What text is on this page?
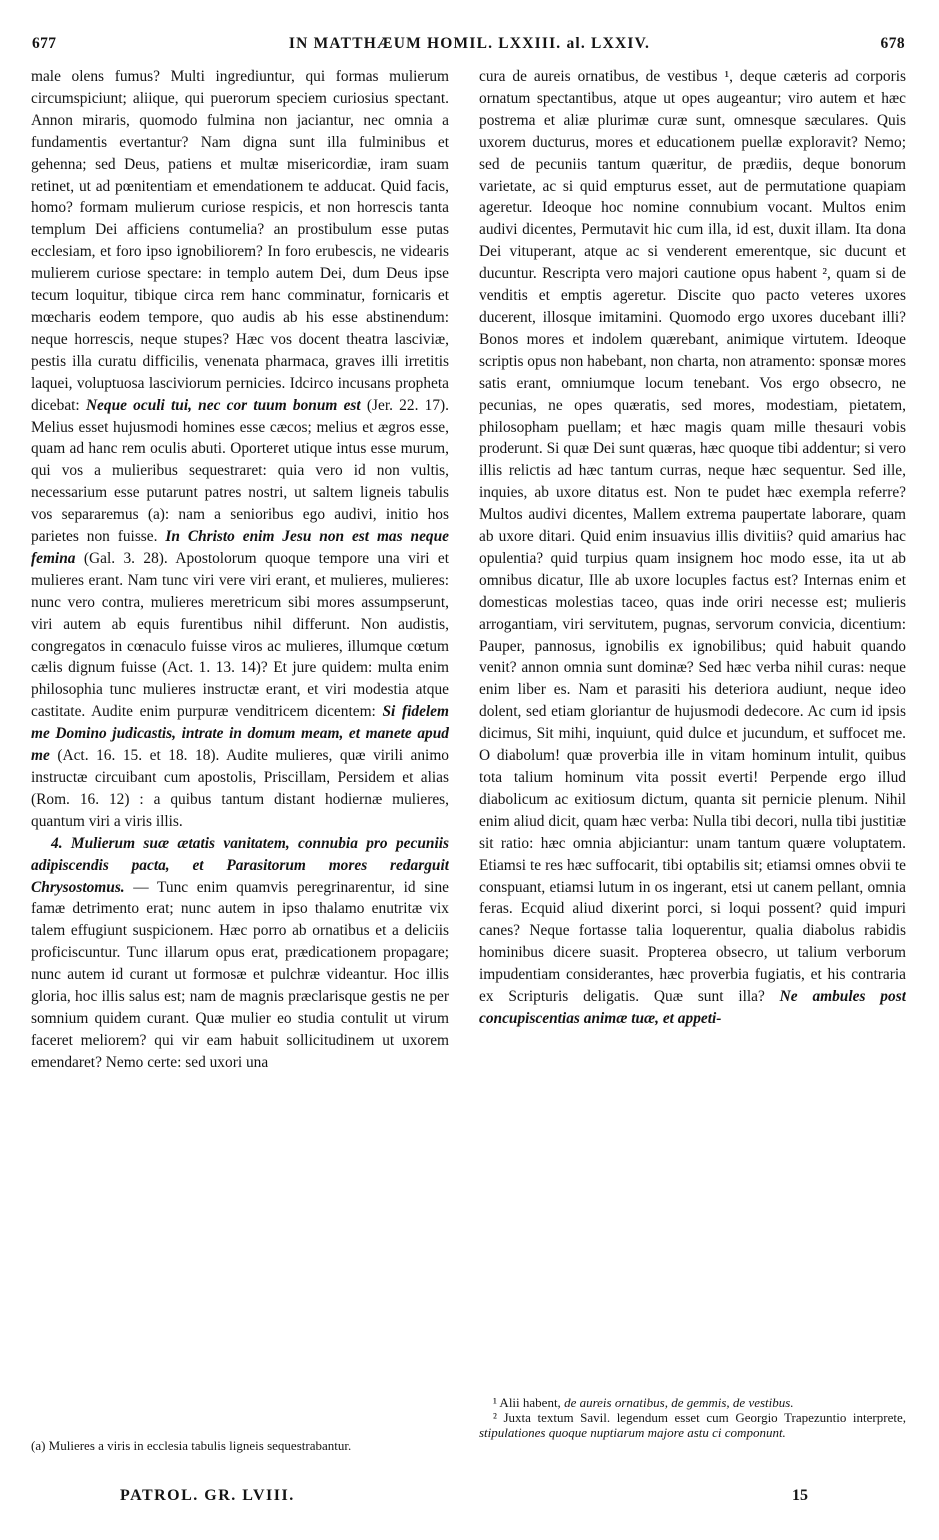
677	IN MATTHÆUM HOMIL. LXXIII. al. LXXIV.	678

male olens fumus? Multi ingrediuntur, qui formas mulierum circumspiciunt; aliique, qui puerorum speciem curiosius spectant. Annon miraris, quomodo fulmina non jaciantur, nec omnia a fundamentis evertantur? Nam digna sunt illa fulminibus et gehenna; sed Deus, patiens et multæ misericordiæ, iram suam retinet, ut ad pœnitentiam et emendationem te adducat. Quid facis, homo? formam mulierum curiose respicis, et non horrescis tanta templum Dei afficiens contumelia? an prostibulum esse putas ecclesiam, et foro ipso ignobiliorem? In foro erubescis, ne videaris mulierem curiose spectare: in templo autem Dei, dum Deus ipse tecum loquitur, tibique circa rem hanc comminatur, fornicaris et mœcharis eodem tempore, quo audis ab his esse abstinendum: neque horrescis, neque stupes? Hæc vos docent theatra lasciviæ, pestis illa curatu difficilis, venenata pharmaca, graves illi irretitis laquei, voluptuosa lasciviorum pernicies. Idcirco incusans propheta dicebat: Neque oculi tui, nec cor tuum bonum est (Jer. 22. 17). Melius esset hujusmodi homines esse cæcos; melius et ægros esse, quam ad hanc rem oculis abuti. Oporteret utique intus esse murum, qui vos a mulieribus sequestraret: quia vero id non vultis, necessarium esse putarunt patres nostri, ut saltem ligneis tabulis vos separaremus (a): nam a senioribus ego audivi, initio hos parietes non fuisse. In Christo enim Jesu non est mas neque femina (Gal. 3. 28). Apostolorum quoque tempore una viri et mulieres erant. Nam tunc viri vere viri erant, et mulieres, mulieres: nunc vero contra, mulieres meretricum sibi mores assumpserunt, viri autem ab equis furentibus nihil differunt. Non audistis, congregatos in cœnaculo fuisse viros ac mulieres, illumque cœtum cælis dignum fuisse (Act. 1. 13. 14)? Et jure quidem: multa enim philosophia tunc mulieres instructæ erant, et viri modestia atque castitate. Audite enim purpuræ venditricem dicentem: Si fidelem me Domino judicastis, intrate in domum meam, et manete apud me (Act. 16. 15. et 18. 18). Audite mulieres, quæ virili animo instructæ circuibant cum apostolis, Priscillam, Persidem et alias (Rom. 16. 12) : a quibus tantum distant hodiernæ mulieres, quantum viri a viris illis.

4. Mulierum suæ ætatis vanitatem, connubia pro pecuniis adipiscendis pacta, et Parasitorum mores redarguit Chrysostomus. — Tunc enim quamvis peregrinarentur, id sine famæ detrimento erat; nunc autem in ipso thalamo enutritæ vix talem effugiunt suspicionem. Hæc porro ab ornatibus et a deliciis proficiscuntur. Tunc illarum opus erat, prædicationem propagare; nunc autem id curant ut formosæ et pulchræ videantur. Hoc illis gloria, hoc illis salus est; nam de magnis præclarisque gestis ne per somnium quidem curant. Quæ mulier eo studia contulit ut virum faceret meliorem? qui vir eam habuit sollicitudinem ut uxorem emendaret? Nemo certe: sed uxori una

cura de aureis ornatibus, de vestibus ¹, deque cæteris ad corporis ornatum spectantibus, atque ut opes augeantur; viro autem et hæc postrema et aliæ plurimæ curæ sunt, omnesque sæculares. Quis uxorem ducturus, mores et educationem puellæ exploravit? Nemo; sed de pecuniis tantum quæritur, de prædiis, deque bonorum varietate, ac si quid empturus esset, aut de permutatione quapiam ageretur. Ideoque hoc nomine connubium vocant. Multos enim audivi dicentes, Permutavit hic cum illa, id est, duxit illam. Ita dona Dei vituperant, atque ac si venderent emerentque, sic ducunt et ducuntur. Rescripta vero majori cautione opus habent ², quam si de venditis et emptis ageretur. Discite quo pacto veteres uxores ducerent, illosque imitamini. Quomodo ergo uxores ducebant illi? Bonos mores et indolem quærebant, animique virtutem. Ideoque scriptis opus non habebant, non charta, non atramento: sponsæ mores satis erant, omniumque locum tenebant. Vos ergo obsecro, ne pecunias, ne opes quæratis, sed mores, modestiam, pietatem, philosopham puellam; et hæc magis quam mille thesauri vobis proderunt. Si quæ Dei sunt quæras, hæc quoque tibi addentur; si vero illis relictis ad hæc tantum curras, neque hæc sequentur. Sed ille, inquies, ab uxore ditatus est. Non te pudet hæc exempla referre? Multos audivi dicentes, Mallem extrema paupertate laborare, quam ab uxore ditari. Quid enim insuavius illis divitiis? quid amarius hac opulentia? quid turpius quam insignem hoc modo esse, ita ut ab omnibus dicatur, Ille ab uxore locuples factus est? Internas enim et domesticas molestias taceo, quas inde oriri necesse est; mulieris arrogantiam, viri servitutem, pugnas, servorum convicia, dicentium: Pauper, pannosus, ignobilis ex ignobilibus; quid habuit quando venit? annon omnia sunt dominæ? Sed hæc verba nihil curas: neque enim liber es. Nam et parasiti his deteriora audiunt, neque ideo dolent, sed etiam gloriantur de hujusmodi dedecore. Ac cum id ipsis dicimus, Sit mihi, inquiunt, quid dulce et jucundum, et suffocet me. O diabolum! quæ proverbia ille in vitam hominum intulit, quibus tota talium hominum vita possit everti! Perpende ergo illud diabolicum ac exitiosum dictum, quanta sit pernicie plenum. Nihil enim aliud dicit, quam hæc verba: Nulla tibi decori, nulla tibi justitiæ sit ratio: hæc omnia abjiciantur: unam tantum quære voluptatem. Etiamsi te res hæc suffocarit, tibi optabilis sit; etiamsi omnes obvii te conspuant, etiamsi lutum in os ingerant, etsi ut canem pellant, omnia feras. Ecquid aliud dixerint porci, si loqui possent? quid impuri canes? Neque fortasse talia loquerentur, qualia diabolus rabidis hominibus dicere suasit. Propterea obsecro, ut talium verborum impudentiam considerantes, hæc proverbia fugiatis, et his contraria ex Scripturis deligatis. Quæ sunt illa? Ne ambules post concupiscentias animæ tuæ, et appeti-

(a) Mulieres a viris in ecclesia tabulis ligneis sequestrabantur.

¹ Alii habent, de aureis ornatibus, de gemmis, de vestibus.

² Juxta textum Savil. legendum esset cum Georgio Trapezuntio interprete, stipulationes quoque nuptiarum majore astu ci componunt.

PATROL. GR. LVIII.	15
